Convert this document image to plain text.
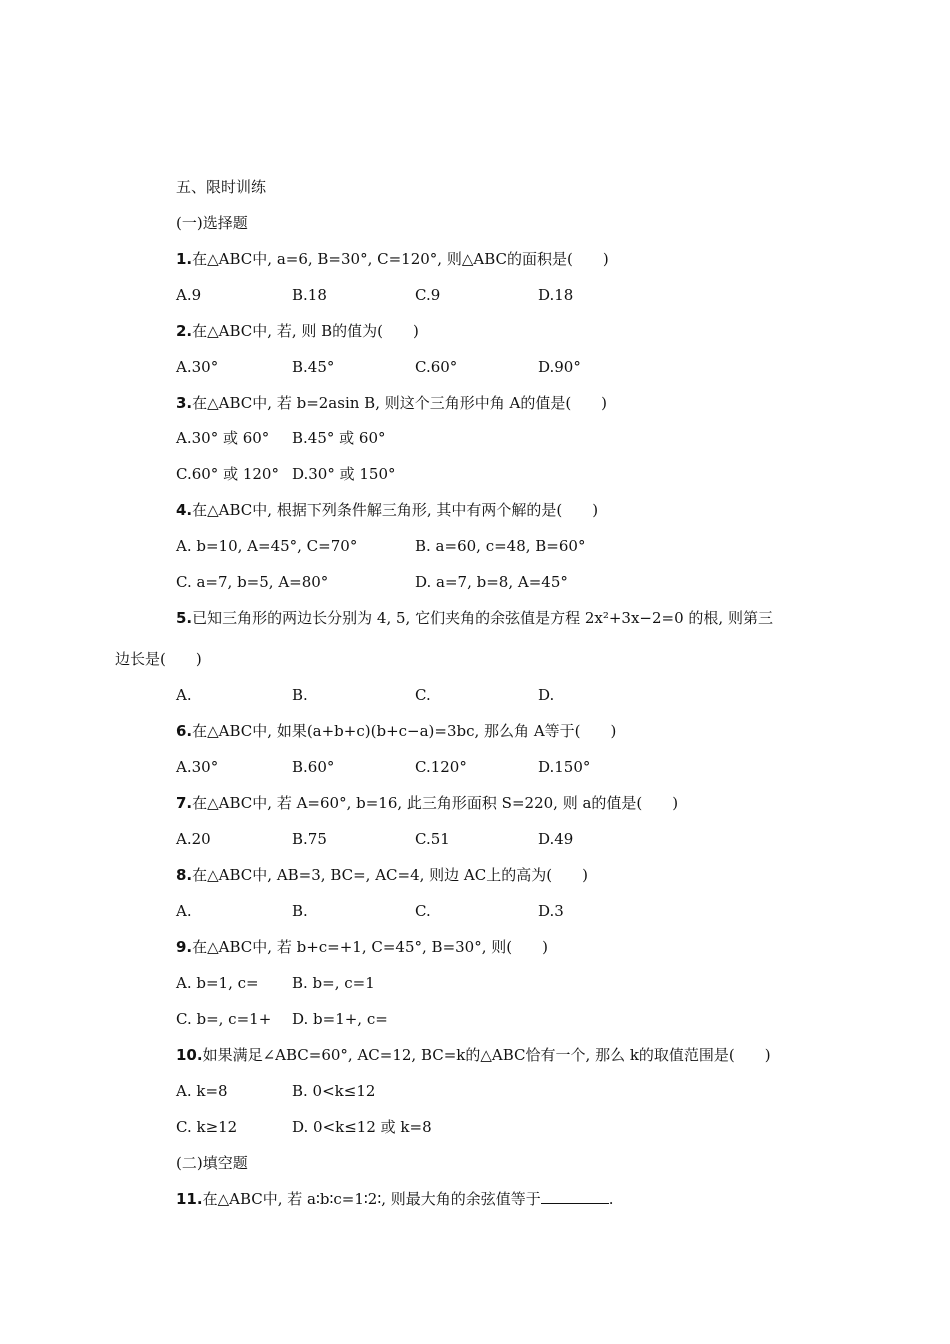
五、限时训练
(一)选择题
1.在△ABC中, a=6, B=30°, C=120°, 则△ABC的面积是(　　)
A.9	B.18	C.9	D.18
2.在△ABC中, 若, 则 B的值为(　　)
A.30°	B.45°	C.60°	D.90°
3.在△ABC中, 若 b=2asin B, 则这个三角形中角 A的值是(　　)
A.30° 或 60° B.45° 或 60°
C.60° 或 120° D.30° 或 150°
4.在△ABC中, 根据下列条件解三角形, 其中有两个解的是(　　)
A. b=10, A=45°, C=70°	B. a=60, c=48, B=60°
C. a=7, b=5, A=80°	D. a=7, b=8, A=45°
5.已知三角形的两边长分别为 4, 5, 它们夹角的余弦值是方程 2x²+3x−2=0 的根, 则第三
边长是(　　)
A.	B.	C.	D.
6.在△ABC中, 如果(a+b+c)(b+c−a)=3bc, 那么角 A等于(　　)
A.30°	B.60°	C.120°	D.150°
7.在△ABC中, 若 A=60°, b=16, 此三角形面积 S=220, 则 a的值是(　　)
A.20	B.75	C.51	D.49
8.在△ABC中, AB=3, BC=, AC=4, 则边 AC上的高为(　　)
A.	B.	C.	D.3
9.在△ABC中, 若 b+c=+1, C=45°, B=30°, 则(　　)
A. b=1, c= B. b=, c=1
C. b=, c=1+ D. b=1+, c=
10.如果满足∠ABC=60°, AC=12, BC=k的△ABC恰有一个, 那么 k的取值范围是(　　)
A. k=8	B. 0<k≤12
C. k≥12	D. 0<k≤12 或 k=8
(二)填空题
11.在△ABC中, 若 a∶b∶c=1∶2∶, 则最大角的余弦值等于	.
